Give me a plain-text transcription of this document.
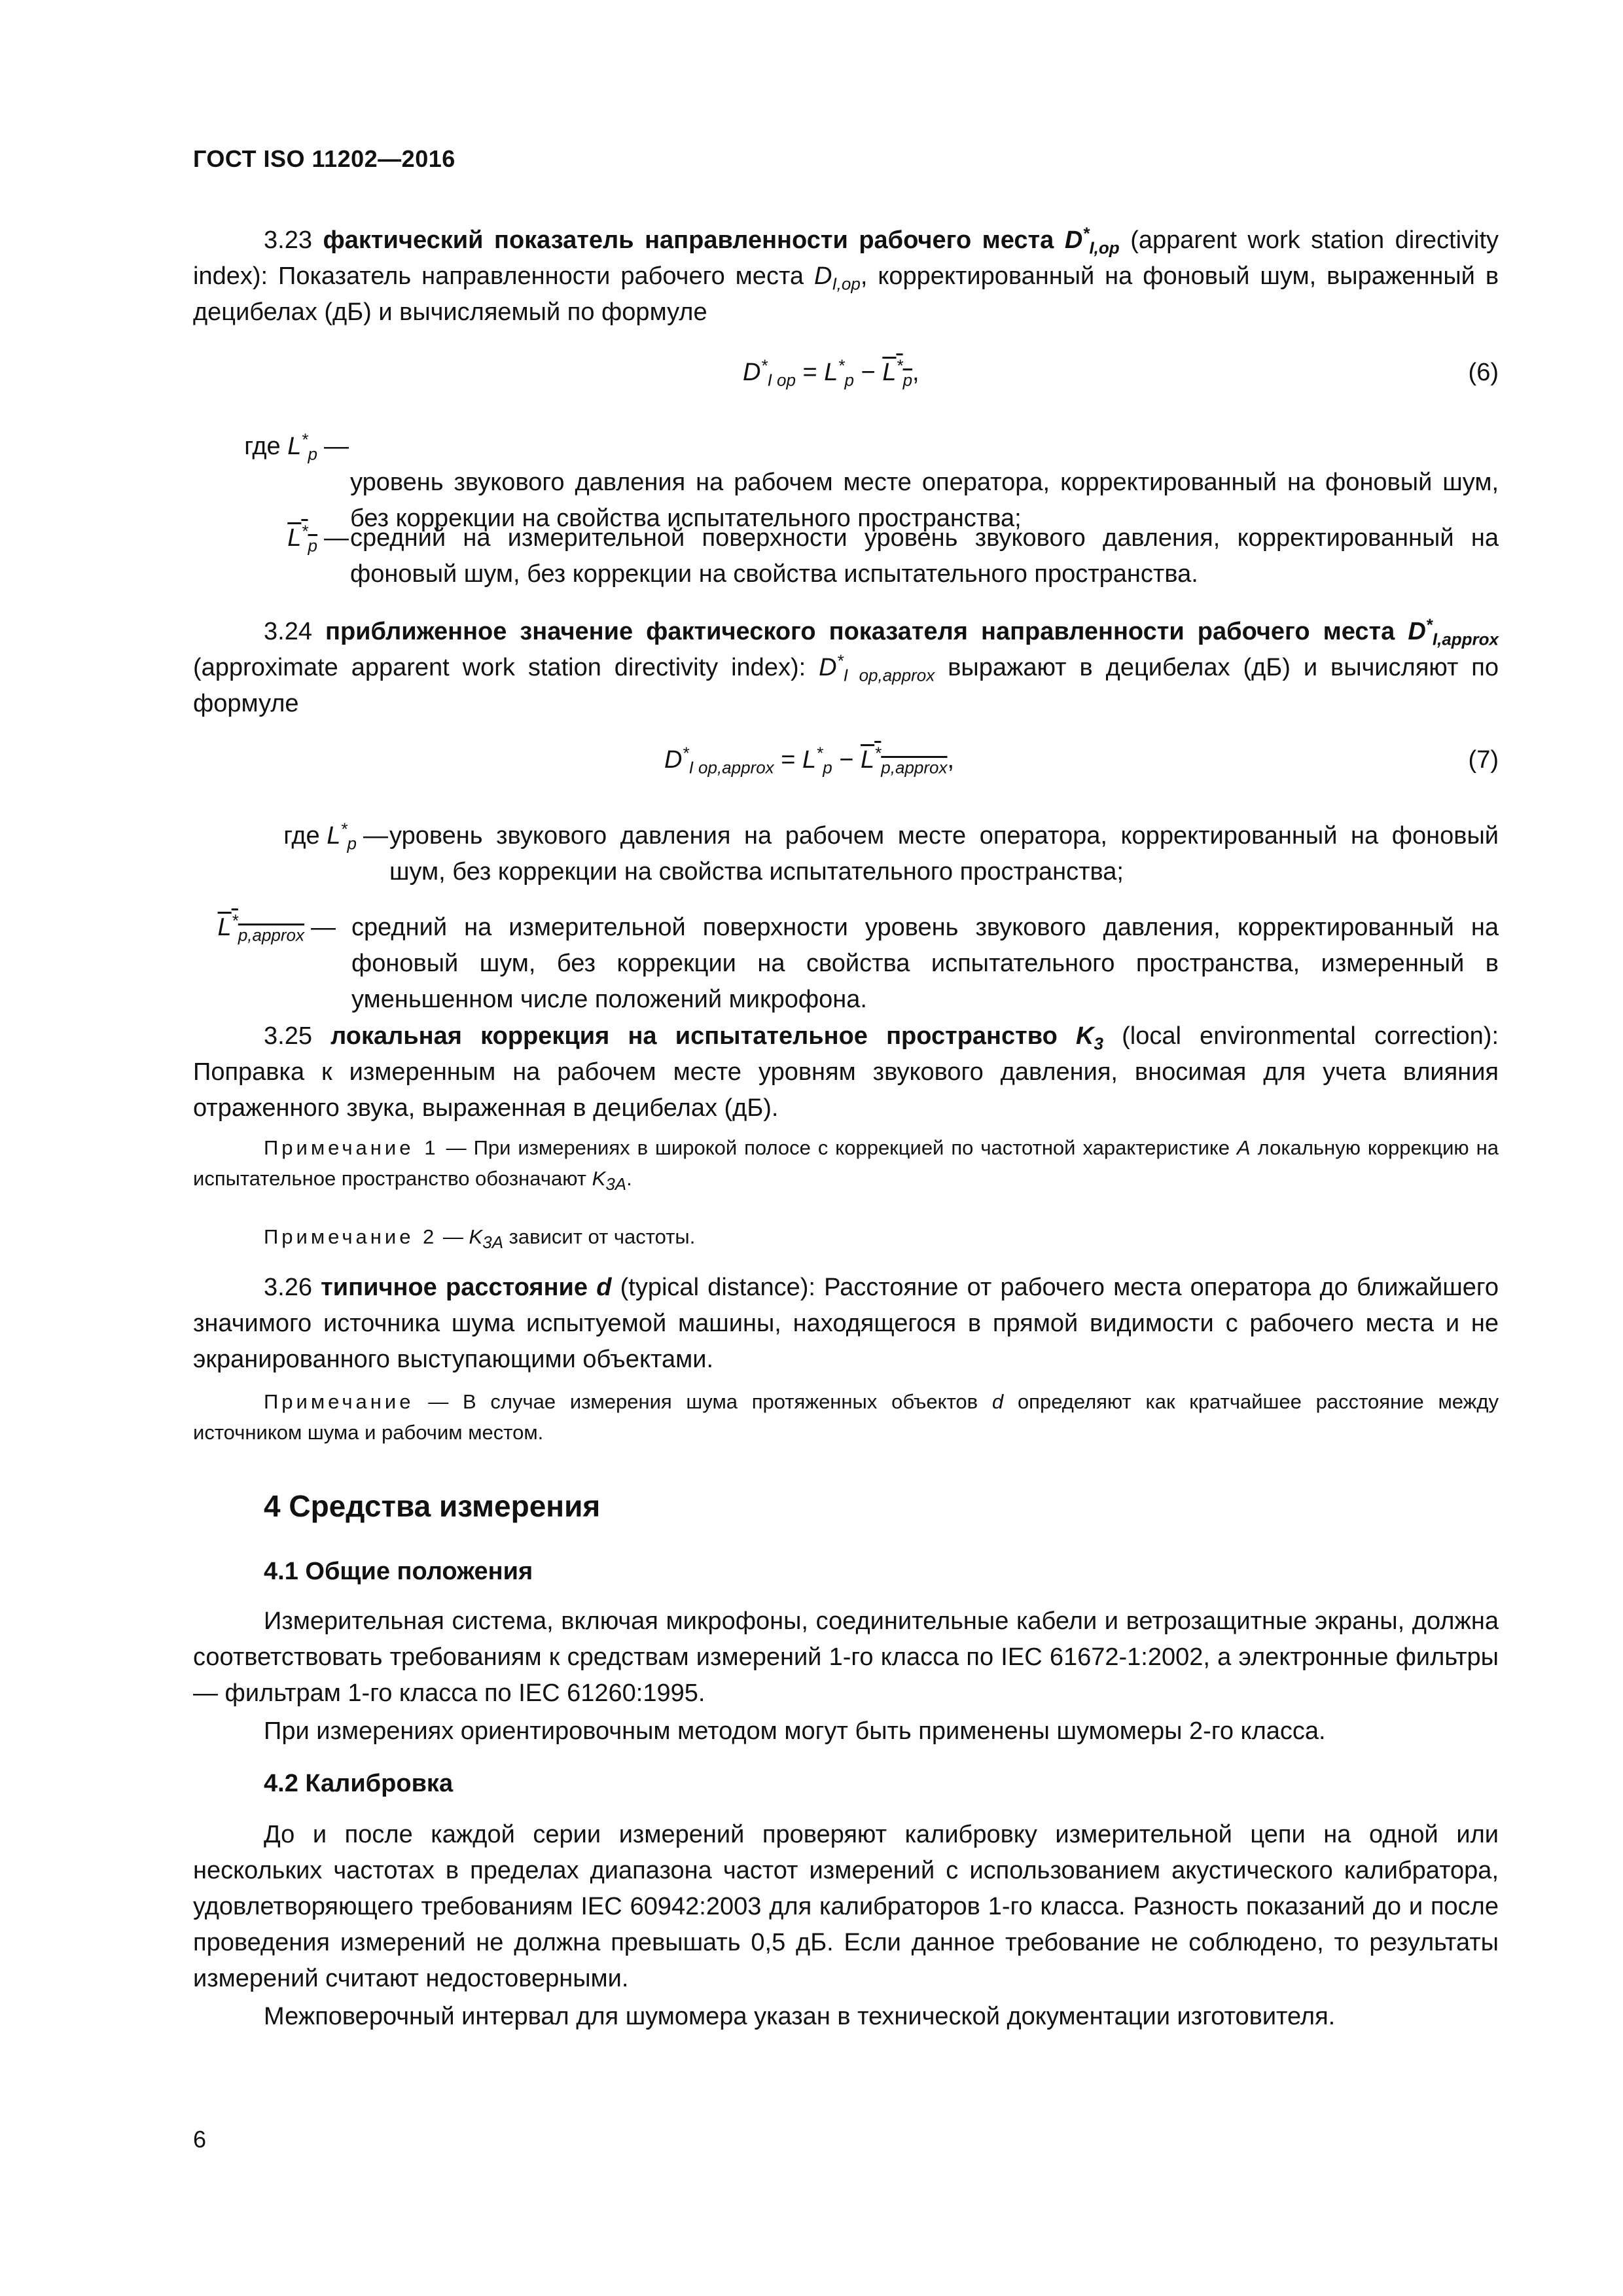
ГОСТ ISO 11202—2016
3.23 фактический показатель направленности рабочего места $D^*_{I,op}$ (apparent work station directivity index): Показатель направленности рабочего места $D_{I,op}$, корректированный на фоновый шум, выраженный в децибелах (дБ) и вычисляемый по формуле
$D^*_{I op} = L^*_p - L^*_p$,	(6)
где $L^*_p$ —
уровень звукового давления на рабочем месте оператора, корректированный на фоновый шум, без коррекции на свойства испытательного пространства;
$L^*_p$ — средний на измерительной поверхности уровень звукового давления, корректированный на фоновый шум, без коррекции на свойства испытательного пространства.
3.24 приближенное значение фактического показателя направленности рабочего места $D^*_{I,approx}$ (approximate apparent work station directivity index): $D^*_{I op,approx}$ выражают в децибелах (дБ) и вычисляют по формуле
$D^*_{I op,approx} = L^*_p - L^*_{p,approx}$,	(7)
где $L^*_p$ — уровень звукового давления на рабочем месте оператора, корректированный на фоновый шум, без коррекции на свойства испытательного пространства;
$L^*_{p,approx}$ — средний на измерительной поверхности уровень звукового давления, корректированный на фоновый шум, без коррекции на свойства испытательного пространства, измеренный в уменьшенном числе положений микрофона.
3.25 локальная коррекция на испытательное пространство $K_3$ (local environmental correction): Поправка к измеренным на рабочем месте уровням звукового давления, вносимая для учета влияния отраженного звука, выраженная в децибелах (дБ).
Примечание 1 — При измерениях в широкой полосе с коррекцией по частотной характеристике A локальную коррекцию на испытательное пространство обозначают $K_{3A}$.
Примечание 2 — $K_{3A}$ зависит от частоты.
3.26 типичное расстояние d (typical distance): Расстояние от рабочего места оператора до ближайшего значимого источника шума испытуемой машины, находящегося в прямой видимости с рабочего места и не экранированного выступающими объектами.
Примечание — В случае измерения шума протяженных объектов d определяют как кратчайшее расстояние между источником шума и рабочим местом.
4 Средства измерения
4.1 Общие положения
Измерительная система, включая микрофоны, соединительные кабели и ветрозащитные экраны, должна соответствовать требованиям к средствам измерений 1-го класса по IEC 61672-1:2002, а электронные фильтры — фильтрам 1-го класса по IEC 61260:1995.
При измерениях ориентировочным методом могут быть применены шумомеры 2-го класса.
4.2 Калибровка
До и после каждой серии измерений проверяют калибровку измерительной цепи на одной или нескольких частотах в пределах диапазона частот измерений с использованием акустического калибратора, удовлетворяющего требованиям IEC 60942:2003 для калибраторов 1-го класса. Разность показаний до и после проведения измерений не должна превышать 0,5 дБ. Если данное требование не соблюдено, то результаты измерений считают недостоверными.
Межповерочный интервал для шумомера указан в технической документации изготовителя.
6
